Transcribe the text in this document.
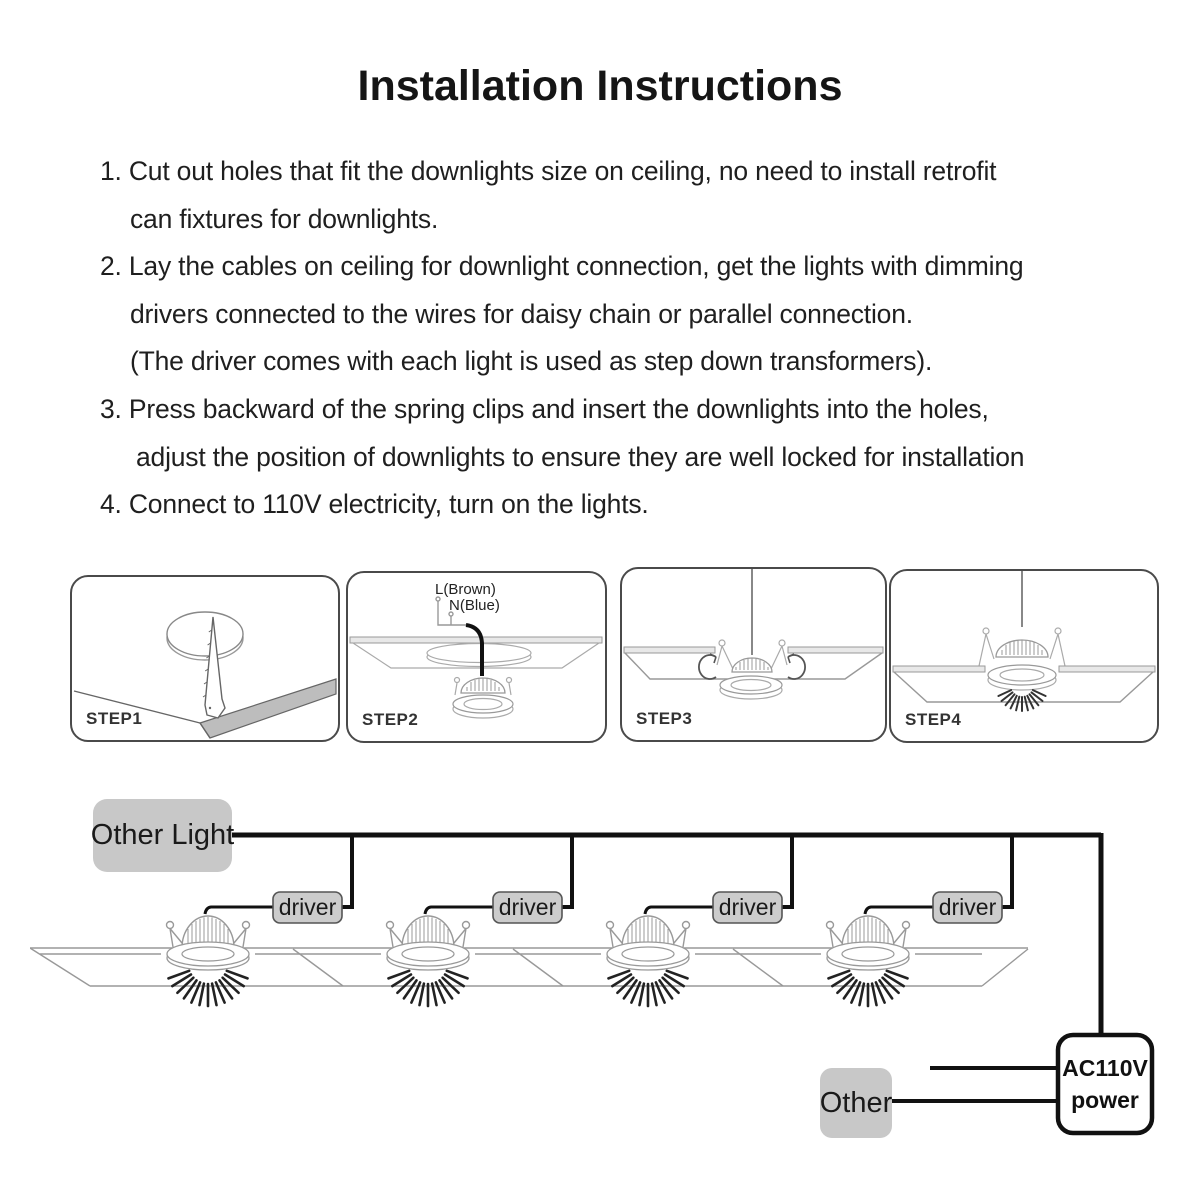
Installation Instructions
1. Cut out holes that fit the downlights size on ceiling, no need to install retrofit
can fixtures for downlights.
2. Lay the cables on ceiling for downlight connection, get the lights with dimming
drivers connected to the wires for daisy chain or parallel connection.
(The driver comes with each light is used as step down transformers).
3. Press backward of the spring clips and insert the downlights into the holes,
adjust the position of downlights to ensure they are well locked for installation
4. Connect to 110V electricity, turn on the lights.
STEP1
L(Brown)
N(Blue)
STEP2	STEP3	STEP4
Other Light
driver	driver	driver	driver
Other
AC110V
power
